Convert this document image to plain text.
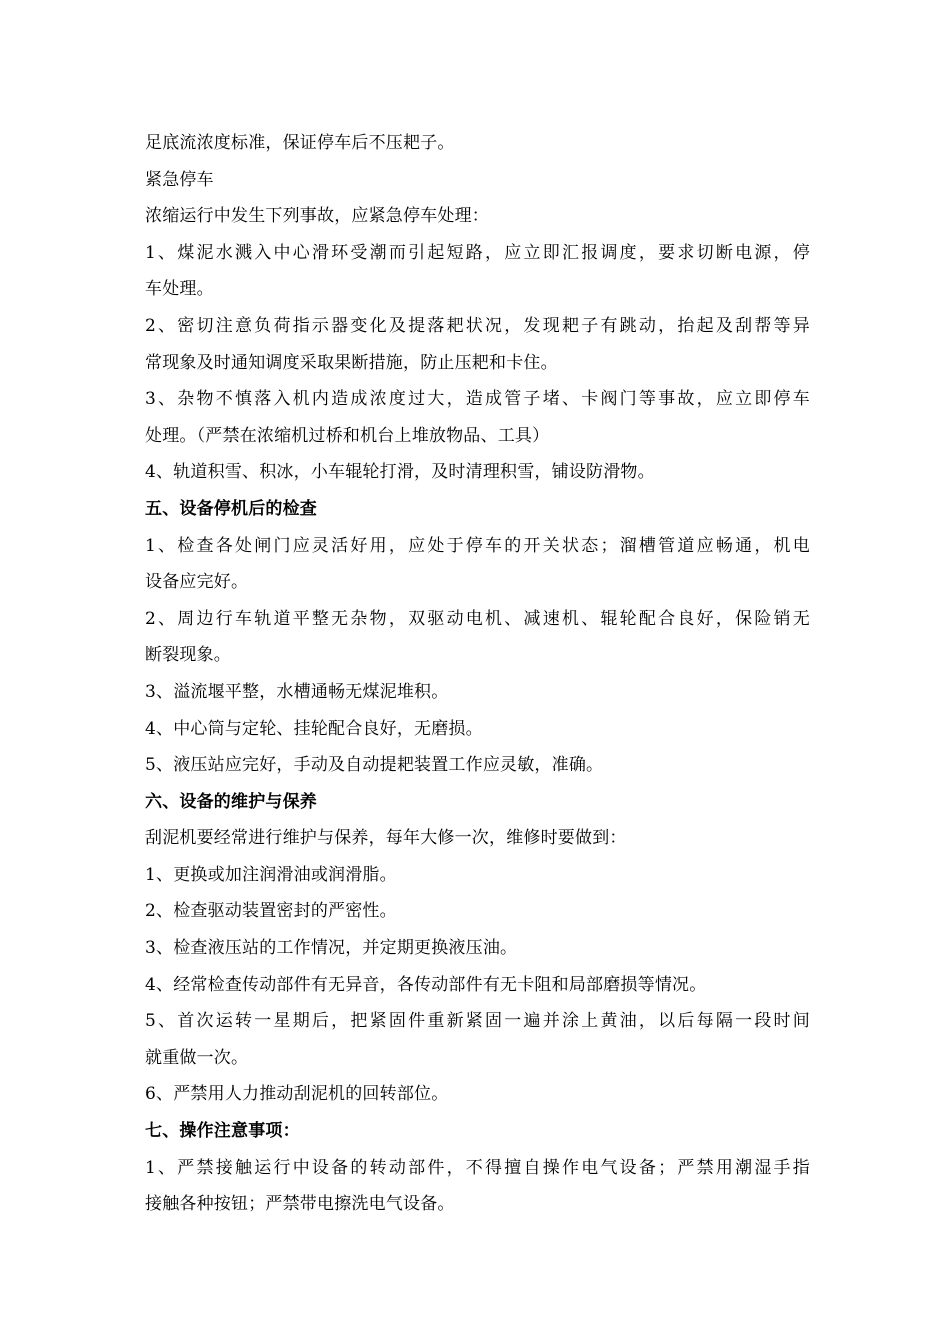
足底流浓度标准，保证停车后不压耙子。
紧急停车
浓缩运行中发生下列事故，应紧急停车处理：
1、煤泥水溅入中心滑环受潮而引起短路，应立即汇报调度，要求切断电源，停
车处理。
2、密切注意负荷指示器变化及提落耙状况，发现耙子有跳动，抬起及刮帮等异
常现象及时通知调度采取果断措施，防止压耙和卡住。
3、杂物不慎落入机内造成浓度过大，造成管子堵、卡阀门等事故，应立即停车
处理。（严禁在浓缩机过桥和机台上堆放物品、工具）
4、轨道积雪、积冰，小车辊轮打滑，及时清理积雪，铺设防滑物。
五、设备停机后的检查
1、检查各处闸门应灵活好用，应处于停车的开关状态；溜槽管道应畅通，机电
设备应完好。
2、周边行车轨道平整无杂物，双驱动电机、减速机、辊轮配合良好，保险销无
断裂现象。
3、溢流堰平整，水槽通畅无煤泥堆积。
4、中心筒与定轮、挂轮配合良好，无磨损。
5、液压站应完好，手动及自动提耙装置工作应灵敏，准确。
六、设备的维护与保养
刮泥机要经常进行维护与保养，每年大修一次，维修时要做到：
1、更换或加注润滑油或润滑脂。
2、检查驱动装置密封的严密性。
3、检查液压站的工作情况，并定期更换液压油。
4、经常检查传动部件有无异音，各传动部件有无卡阻和局部磨损等情况。
5、首次运转一星期后，把紧固件重新紧固一遍并涂上黄油，以后每隔一段时间
就重做一次。
6、严禁用人力推动刮泥机的回转部位。
七、操作注意事项：
1、严禁接触运行中设备的转动部件，不得擅自操作电气设备；严禁用潮湿手指
接触各种按钮；严禁带电擦洗电气设备。
